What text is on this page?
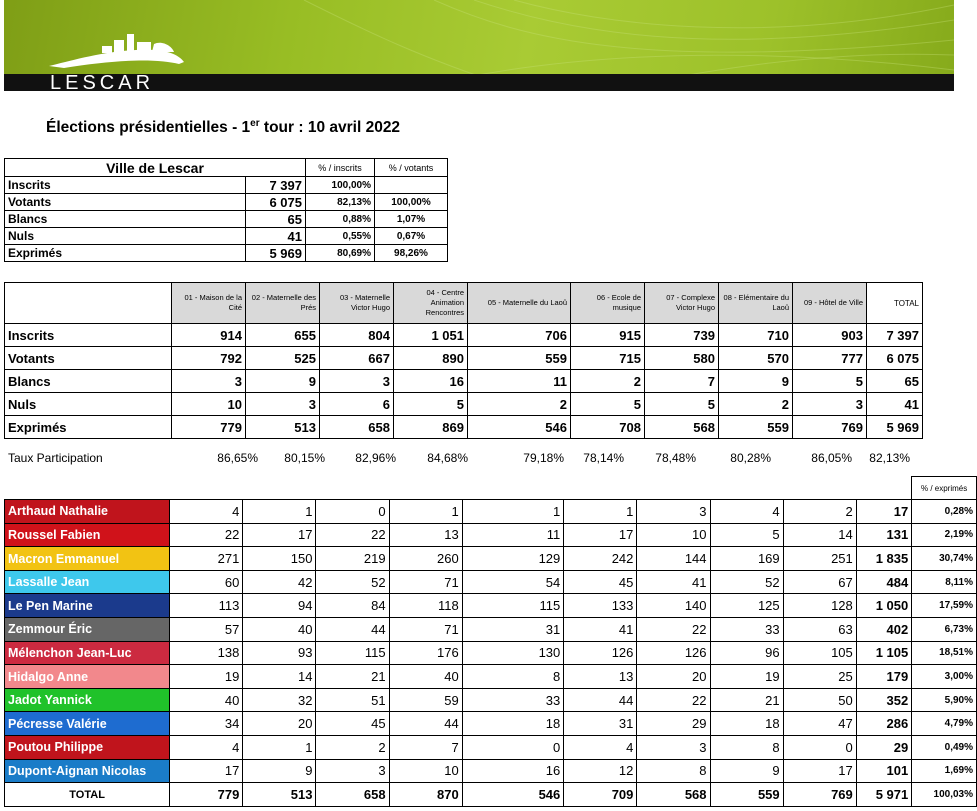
LESCAR
Élections présidentielles - 1er tour : 10 avril 2022
Ville de Lescar		% / inscrits	% / votants
Inscrits	7 397	100,00%	
Votants	6 075	82,13%	100,00%
Blancs	65	0,88%	1,07%
Nuls	41	0,55%	0,67%
Exprimés	5 969	80,69%	98,26%
	01 - Maison de la Cité	02 - Maternelle des Prés	03 - Maternelle Victor Hugo	04 - Centre Animation Rencontres	05 - Maternelle du Laoû	06 - Ecole de musique	07 - Complexe Victor Hugo	08 - Elémentaire du Laoû	09 - Hôtel de Ville	TOTAL
Inscrits	914	655	804	1 051	706	915	739	710	903	7 397
Votants	792	525	667	890	559	715	580	570	777	6 075
Blancs	3	9	3	16	11	2	7	9	5	65
Nuls	10	3	6	5	2	5	5	2	3	41
Exprimés	779	513	658	869	546	708	568	559	769	5 969
Taux Participation	86,65%	80,15%	82,96%	84,68%	79,18%	78,14%	78,48%	80,28%	86,05%	82,13%
											% / exprimés
Arthaud Nathalie	4	1	0	1	1	1	3	4	2	17	0,28%
Roussel Fabien	22	17	22	13	11	17	10	5	14	131	2,19%
Macron Emmanuel	271	150	219	260	129	242	144	169	251	1 835	30,74%
Lassalle Jean	60	42	52	71	54	45	41	52	67	484	8,11%
Le Pen Marine	113	94	84	118	115	133	140	125	128	1 050	17,59%
Zemmour Éric	57	40	44	71	31	41	22	33	63	402	6,73%
Mélenchon Jean-Luc	138	93	115	176	130	126	126	96	105	1 105	18,51%
Hidalgo Anne	19	14	21	40	8	13	20	19	25	179	3,00%
Jadot Yannick	40	32	51	59	33	44	22	21	50	352	5,90%
Pécresse Valérie	34	20	45	44	18	31	29	18	47	286	4,79%
Poutou Philippe	4	1	2	7	0	4	3	8	0	29	0,49%
Dupont-Aignan Nicolas	17	9	3	10	16	12	8	9	17	101	1,69%
TOTAL	779	513	658	870	546	709	568	559	769	5 971	100,03%
